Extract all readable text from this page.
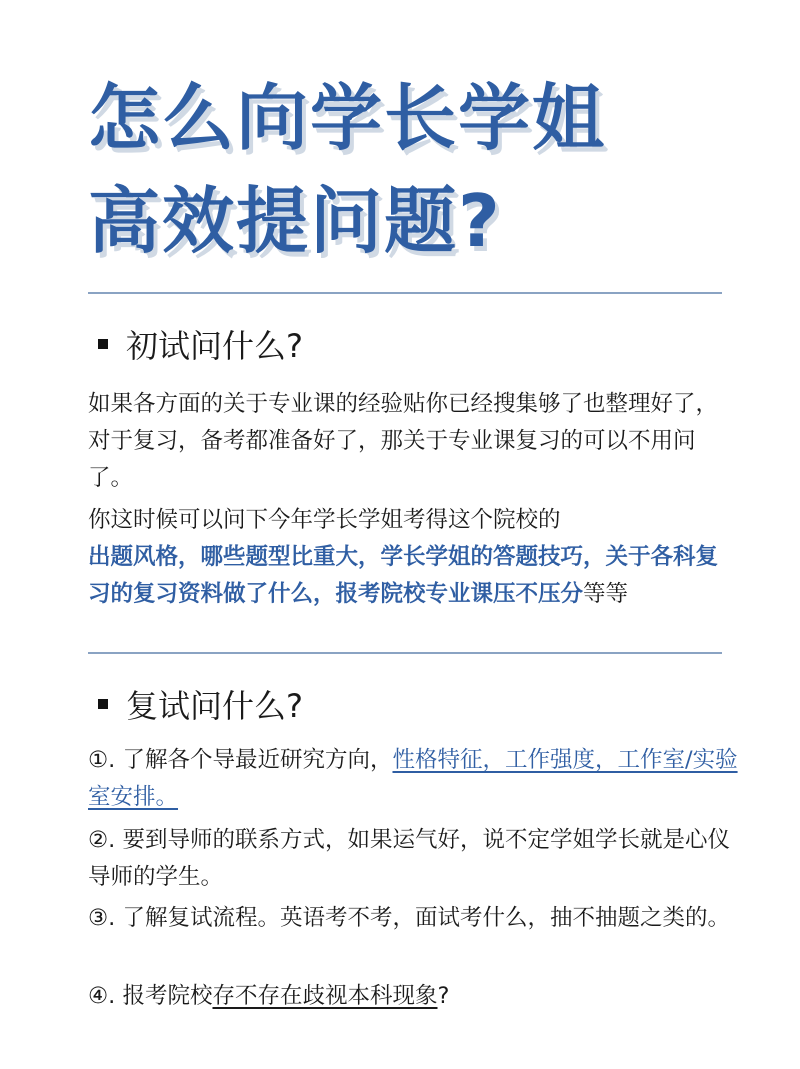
怎么向学长学姐
高效提问题?
初试问什么?
如果各方面的关于专业课的经验贴你已经搜集够了也整理好了，对于复习，备考都准备好了，那关于专业课复习的可以不用问了。
你这时候可以问下今年学长学姐考得这个院校的
出题风格，哪些题型比重大，学长学姐的答题技巧，关于各科复习的复习资料做了什么，报考院校专业课压不压分等等
复试问什么?
①. 了解各个导最近研究方向，性格特征，工作强度，工作室/实验室安排。
②. 要到导师的联系方式，如果运气好，说不定学姐学长就是心仪导师的学生。
③. 了解复试流程。英语考不考，面试考什么，抽不抽题之类的。
④. 报考院校存不存在歧视本科现象?
